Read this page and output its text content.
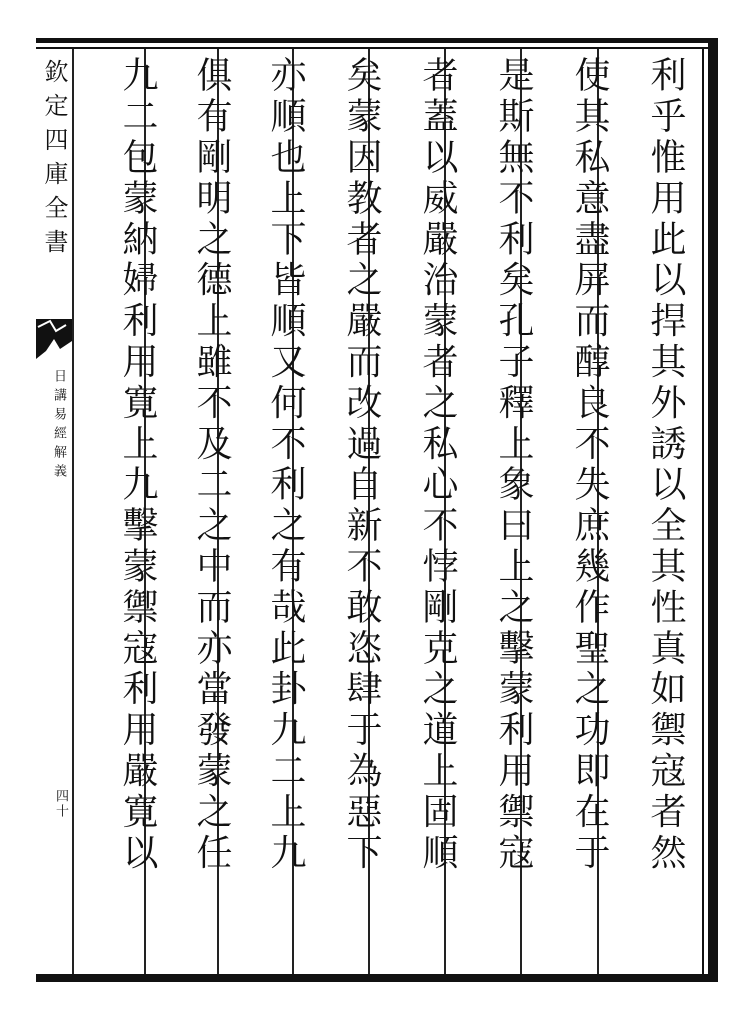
欽定四庫全書
日講易經解義
四十	利乎惟用此以捍其外誘以全其性真如禦寇者然
使其私意盡屏而醇良不失庶幾作聖之功即在于
是斯無不利矣孔子釋上象曰上之擊蒙利用禦寇
者蓋以威嚴治蒙者之私心不悖剛克之道上固順
矣蒙因教者之嚴而改過自新不敢恣肆于為惡下
亦順也上下皆順又何不利之有哉此卦九二上九
俱有剛明之德上雖不及二之中而亦當發蒙之任
九二包蒙納婦利用寛上九擊蒙禦寇利用嚴寛以
